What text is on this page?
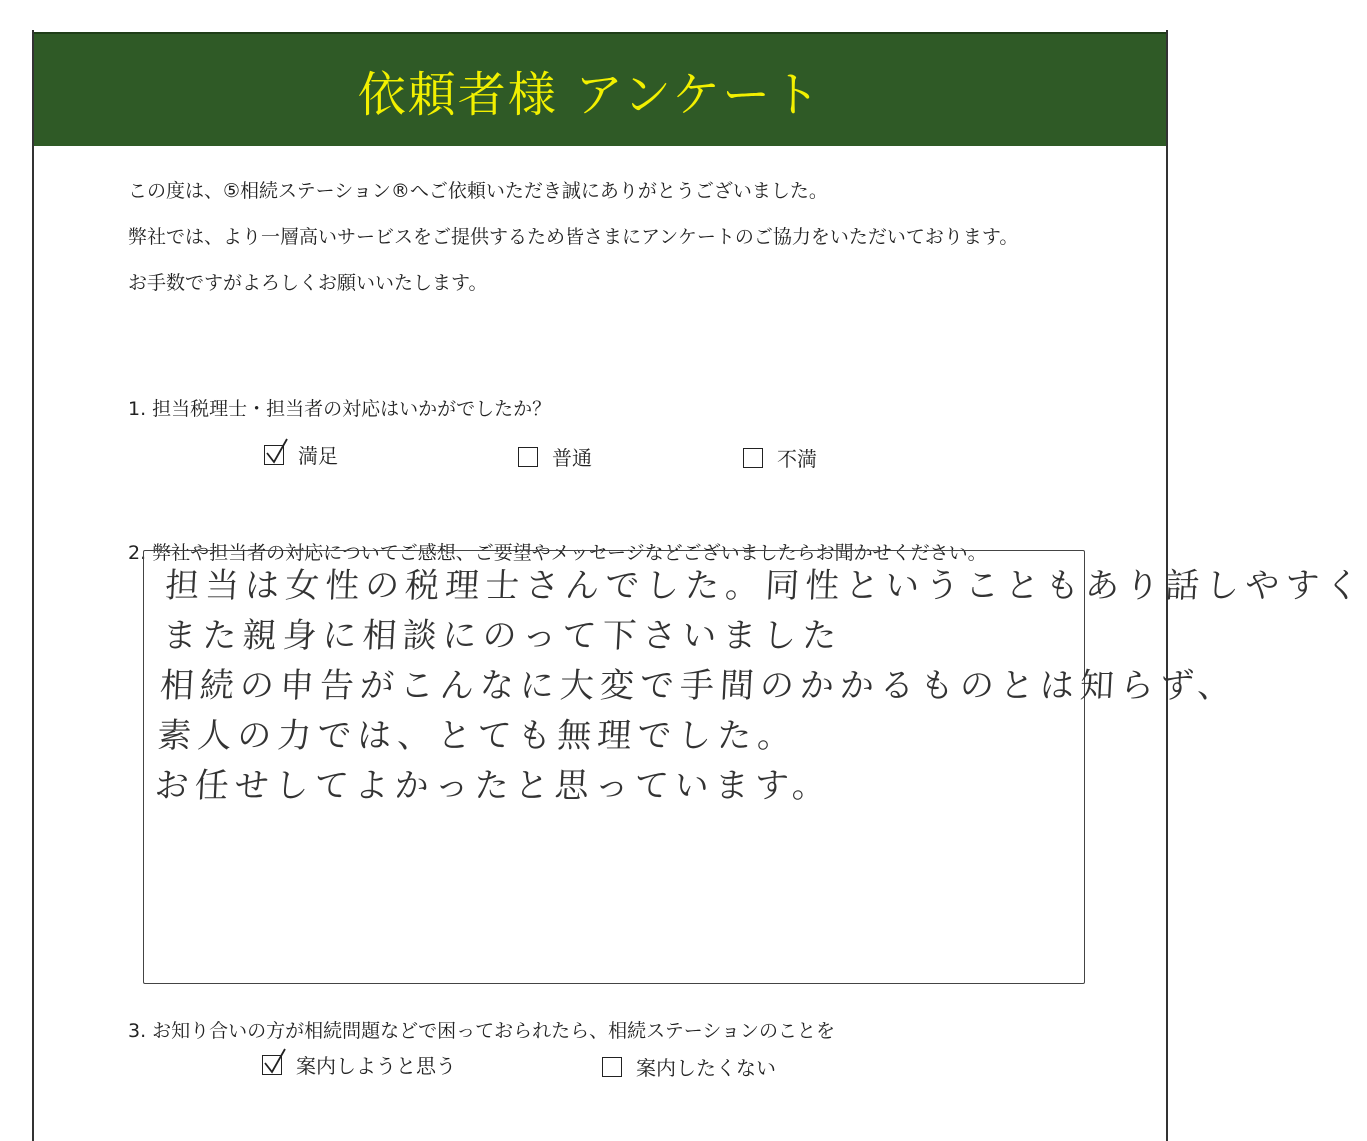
依頼者様 アンケート

この度は、⑤相続ステーション®へご依頼いただき誠にありがとうございました。

弊社では、より一層高いサービスをご提供するため皆さまにアンケートのご協力をいただいております。

お手数ですがよろしくお願いいたします。

1. 担当税理士・担当者の対応はいかがでしたか？
満足	普通	不満
2. 弊社や担当者の対応についてご感想、ご要望やメッセージなどございましたらお聞かせください。

担当は女性の税理士さんでした。同性ということもあり話しやすく

また親身に相談にのって下さいました

相続の申告がこんなに大変で手間のかかるものとは知らず、

素人の力では、とても無理でした。

お任せしてよかったと思っています。

3. お知り合いの方が相続問題などで困っておられたら、相続ステーションのことを
案内しようと思う	案内したくない
